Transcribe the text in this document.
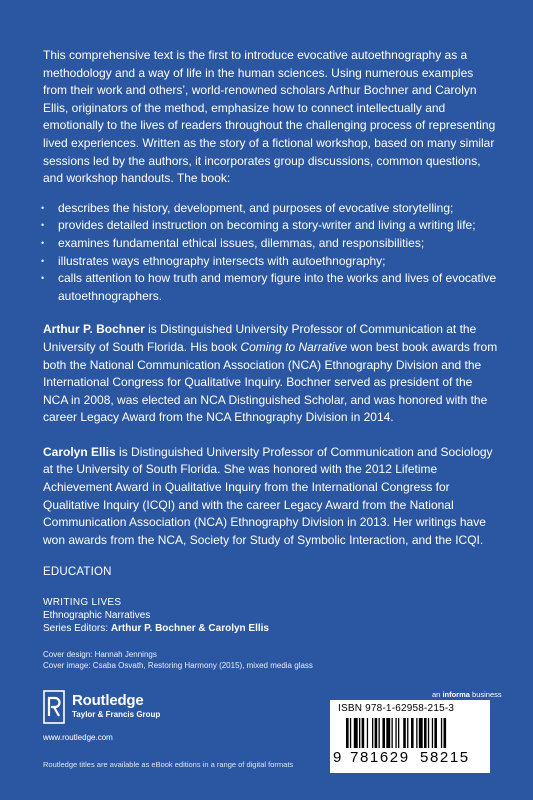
This comprehensive text is the first to introduce evocative autoethnography as a methodology and a way of life in the human sciences. Using numerous examples from their work and others’, world-renowned scholars Arthur Bochner and Carolyn Ellis, originators of the method, emphasize how to connect intellectually and emotionally to the lives of readers throughout the challenging process of representing lived experiences. Written as the story of a fictional workshop, based on many similar sessions led by the authors, it incorporates group discussions, common questions, and workshop handouts. The book:

• describes the history, development, and purposes of evocative storytelling;
• provides detailed instruction on becoming a story-writer and living a writing life;
• examines fundamental ethical issues, dilemmas, and responsibilities;
• illustrates ways ethnography intersects with autoethnography;
• calls attention to how truth and memory figure into the works and lives of evocative autoethnographers.

Arthur P. Bochner is Distinguished University Professor of Communication at the University of South Florida. His book Coming to Narrative won best book awards from both the National Communication Association (NCA) Ethnography Division and the International Congress for Qualitative Inquiry. Bochner served as president of the NCA in 2008, was elected an NCA Distinguished Scholar, and was honored with the career Legacy Award from the NCA Ethnography Division in 2014.

Carolyn Ellis is Distinguished University Professor of Communication and Sociology at the University of South Florida. She was honored with the 2012 Lifetime Achievement Award in Qualitative Inquiry from the International Congress for Qualitative Inquiry (ICQI) and with the career Legacy Award from the National Communication Association (NCA) Ethnography Division in 2013. Her writings have won awards from the NCA, Society for Study of Symbolic Interaction, and the ICQI.

EDUCATION
WRITING LIVES
Ethnographic Narratives
Series Editors: Arthur P. Bochner & Carolyn Ellis
Cover design: Hannah Jennings
Cover image: Csaba Osvath, Restoring Harmony (2015), mixed media glass
Routledge
Taylor & Francis Group
www.routledge.com
Routledge titles are available as eBook editions in a range of digital formats
an informa business
ISBN 978-1-62958-215-3
9 781629 58215
